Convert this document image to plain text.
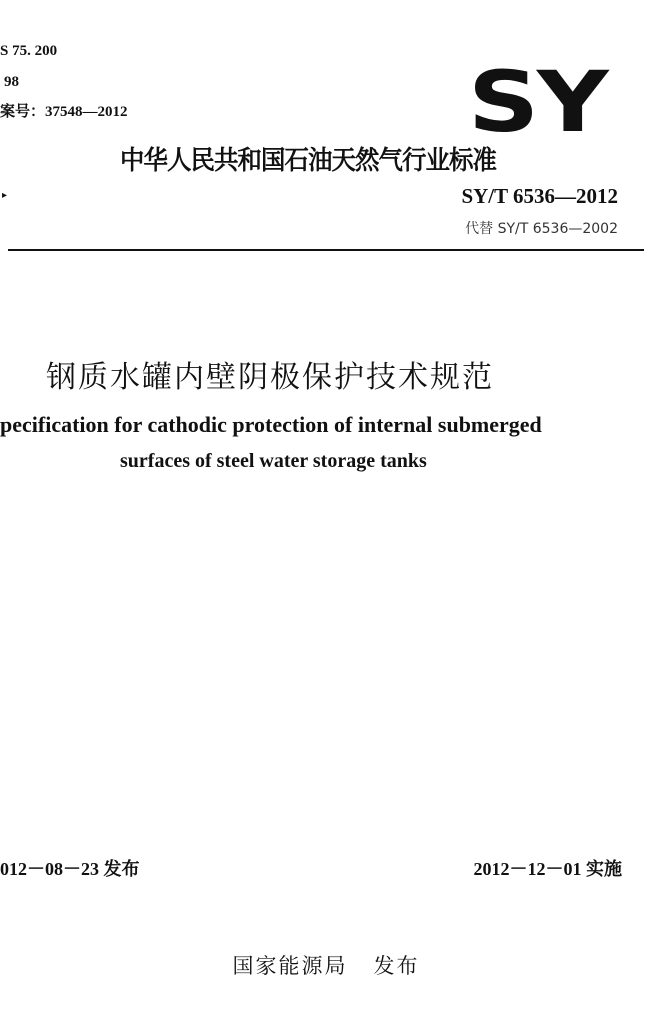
S 75. 200
98
案号：37548—2012	SY
中华人民共和国石油天然气行业标准
▸	SY/T 6536—2012
代替 SY/T 6536—2002
钢质水罐内壁阴极保护技术规范
pecification for cathodic protection of internal submerged
surfaces of steel water storage tanks
012－08－23 发布	2012－12－01 实施
国家能源局 发布
